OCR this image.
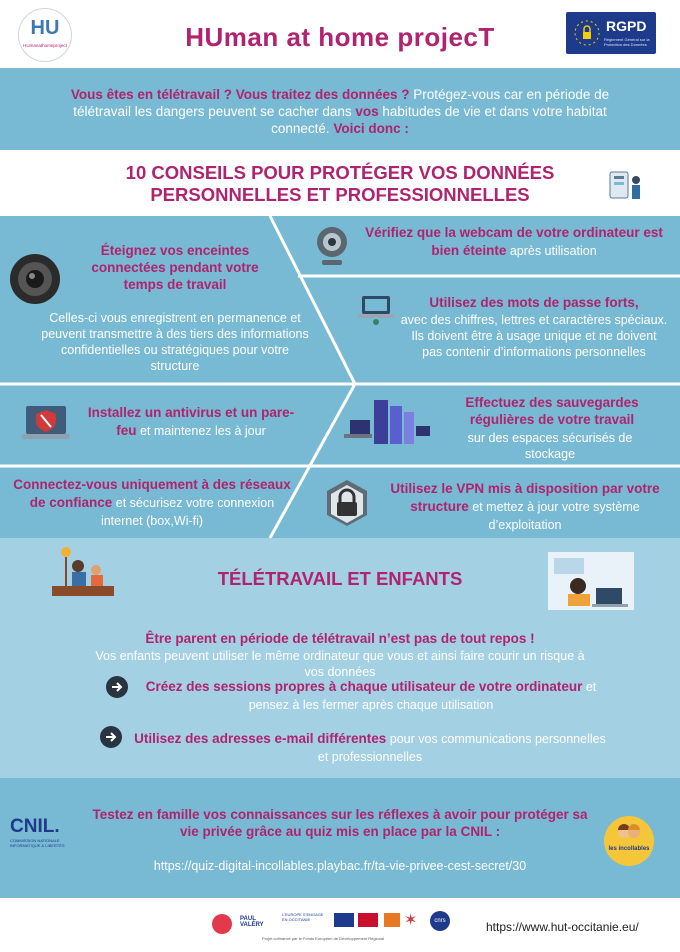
HU
HUmanathomeproject	HUman at home projecT	RGPD
Règlement Général sur la Protection des Données
Vous êtes en télétravail ? Vous traitez des données ? Protégez-vous car en période de télétravail les dangers peuvent se cacher dans vos habitudes de vie et dans votre habitat connecté. Voici donc :
10 CONSEILS POUR PROTÉGER VOS DONNÉES
PERSONNELLES ET PROFESSIONNELLES
Éteignez vos enceintes connectées pendant votre temps de travail
Celles-ci vous enregistrent en permanence et peuvent transmettre à des tiers des informations confidentielles ou stratégiques pour votre structure
Vérifiez que la webcam de votre ordinateur est bien éteinte après utilisation
Utilisez des mots de passe forts,
avec des chiffres, lettres et caractères spéciaux. Ils doivent être à usage unique et ne doivent pas contenir d’informations personnelles
Installez un antivirus et un pare-feu et maintenez les à jour
Effectuez des sauvegardes régulières de votre travail
sur des espaces sécurisés de stockage
Connectez-vous uniquement à des réseaux de confiance et sécurisez votre connexion internet (box,Wi-fi)
Utilisez le VPN mis à disposition par votre structure et mettez à jour votre système d’exploitation
TÉLÉTRAVAIL ET ENFANTS
Être parent en période de télétravail n’est pas de tout repos !
Vos enfants peuvent utiliser le même ordinateur que vous et ainsi faire courir un risque à vos données
Créez des sessions propres à chaque utilisateur de votre ordinateur et pensez à les fermer après chaque utilisation
Utilisez des adresses e-mail différentes pour vos communications personnelles et professionnelles
CNIL.
COMMISSION NATIONALE INFORMATIQUE & LIBERTÉS
Testez en famille vos connaissances sur les réflexes à avoir pour protéger sa vie privée grâce au quiz mis en place par la CNIL :
https://quiz-digital-incollables.playbac.fr/ta-vie-privee-cest-secret/30
les incollables
PAUL VALÉRY
L’EUROPE S’ENGAGE EN OCCITANIE	✶	cnrs
Projet cofinancé par le Fonds Européen de Développement Régional
https://www.hut-occitanie.eu/
